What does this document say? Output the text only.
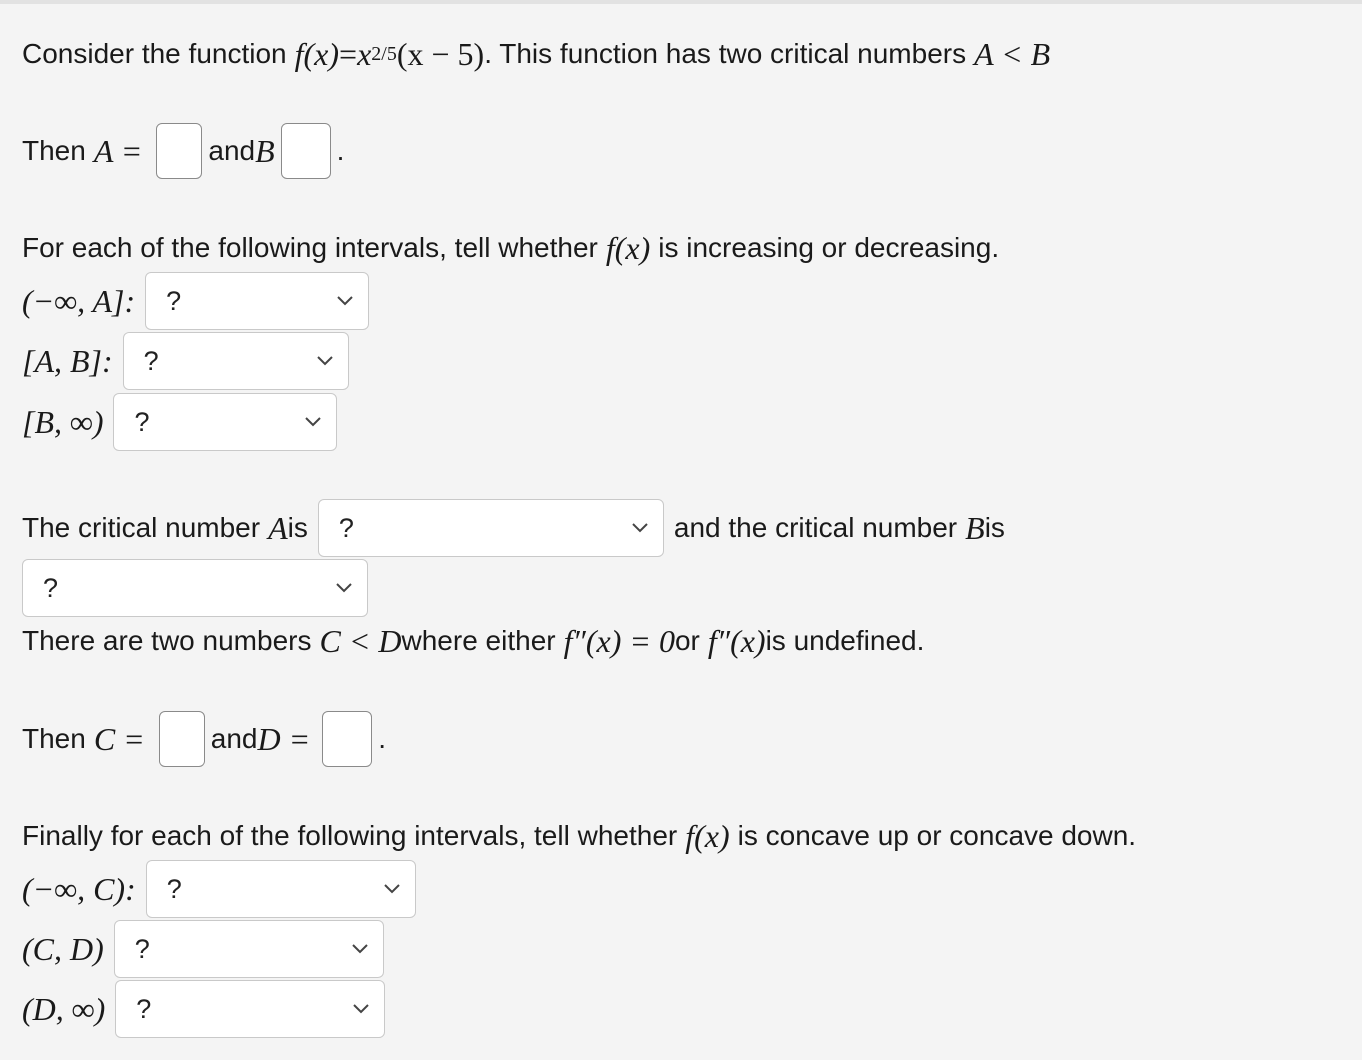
Consider the function f(x) = x 2/5 (x − 5) . This function has two critical numbers A < B
Then A = and B .
For each of the following intervals, tell whether f(x) is increasing or decreasing.
(−∞, A]: ?
[A, B]: ?
[B, ∞) ?
The critical number A is ?	and the critical number B is
?
There are two numbers C < D where either f″(x) = 0 or f″(x) is undefined.
Then C = and D = .
Finally for each of the following intervals, tell whether f(x) is concave up or concave down.
(−∞, C): ?
(C, D) ?
(D, ∞) ?
